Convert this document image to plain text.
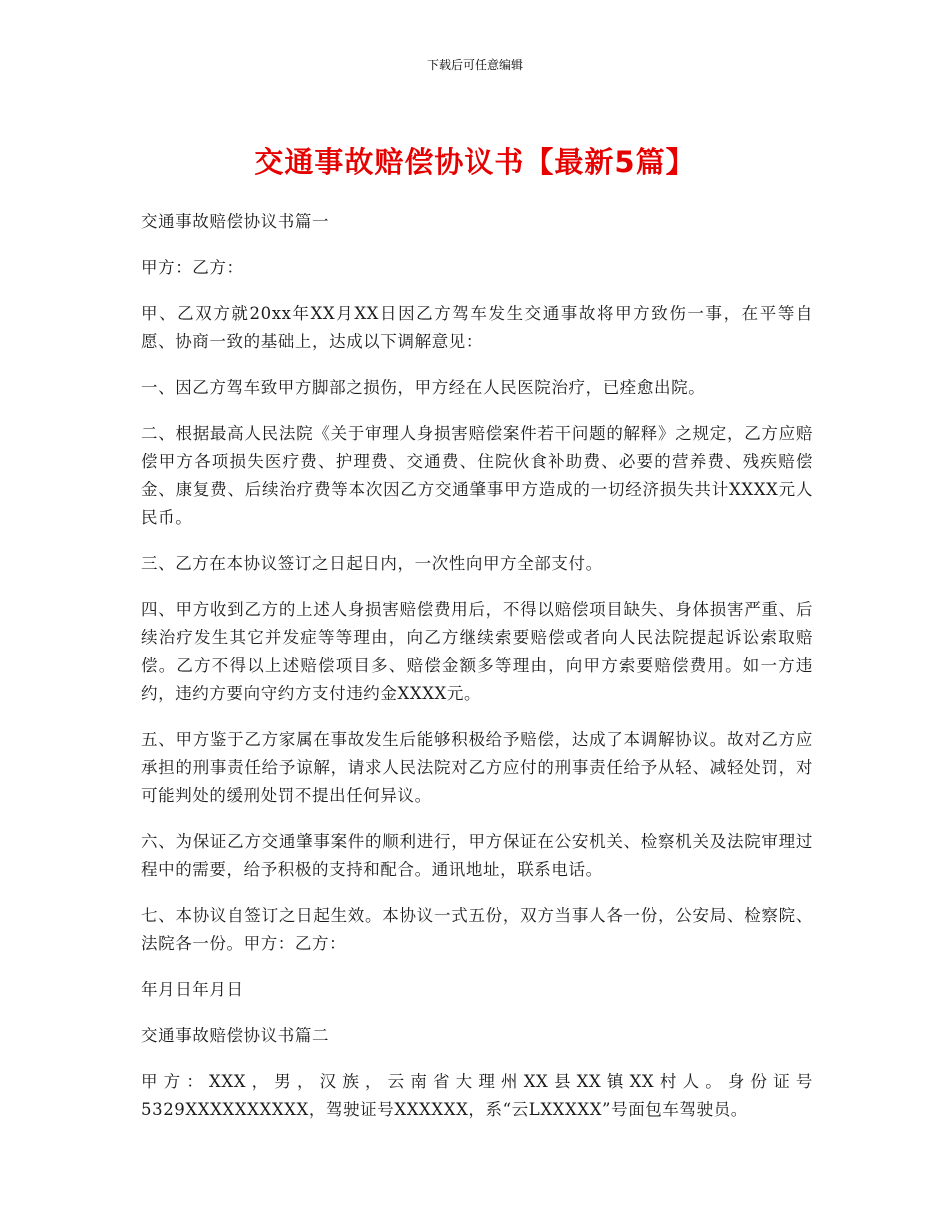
下载后可任意编辑
交通事故赔偿协议书【最新5篇】

交通事故赔偿协议书篇一

甲方：乙方：

甲、乙双方就20xx年XX月XX日因乙方驾车发生交通事故将甲方致伤一事，在平等自愿、协商一致的基础上，达成以下调解意见：

一、因乙方驾车致甲方脚部之损伤，甲方经在人民医院治疗，已痊愈出院。

二、根据最高人民法院《关于审理人身损害赔偿案件若干问题的解释》之规定，乙方应赔偿甲方各项损失医疗费、护理费、交通费、住院伙食补助费、必要的营养费、残疾赔偿金、康复费、后续治疗费等本次因乙方交通肇事甲方造成的一切经济损失共计XXXX元人民币。

三、乙方在本协议签订之日起日内，一次性向甲方全部支付。

四、甲方收到乙方的上述人身损害赔偿费用后，不得以赔偿项目缺失、身体损害严重、后续治疗发生其它并发症等等理由，向乙方继续索要赔偿或者向人民法院提起诉讼索取赔偿。乙方不得以上述赔偿项目多、赔偿金额多等理由，向甲方索要赔偿费用。如一方违约，违约方要向守约方支付违约金XXXX元。

五、甲方鉴于乙方家属在事故发生后能够积极给予赔偿，达成了本调解协议。故对乙方应承担的刑事责任给予谅解，请求人民法院对乙方应付的刑事责任给予从轻、减轻处罚，对可能判处的缓刑处罚不提出任何异议。

六、为保证乙方交通肇事案件的顺利进行，甲方保证在公安机关、检察机关及法院审理过程中的需要，给予积极的支持和配合。通讯地址，联系电话。

七、本协议自签订之日起生效。本协议一式五份，双方当事人各一份，公安局、检察院、法院各一份。甲方：乙方：

年月日年月日

交通事故赔偿协议书篇二

甲方：XXX，男，汉族，云南省大理州XX县XX镇XX村人。身份证号5329XXXXXXXXXX，驾驶证号XXXXXX，系“云LXXXXX”号面包车驾驶员。
